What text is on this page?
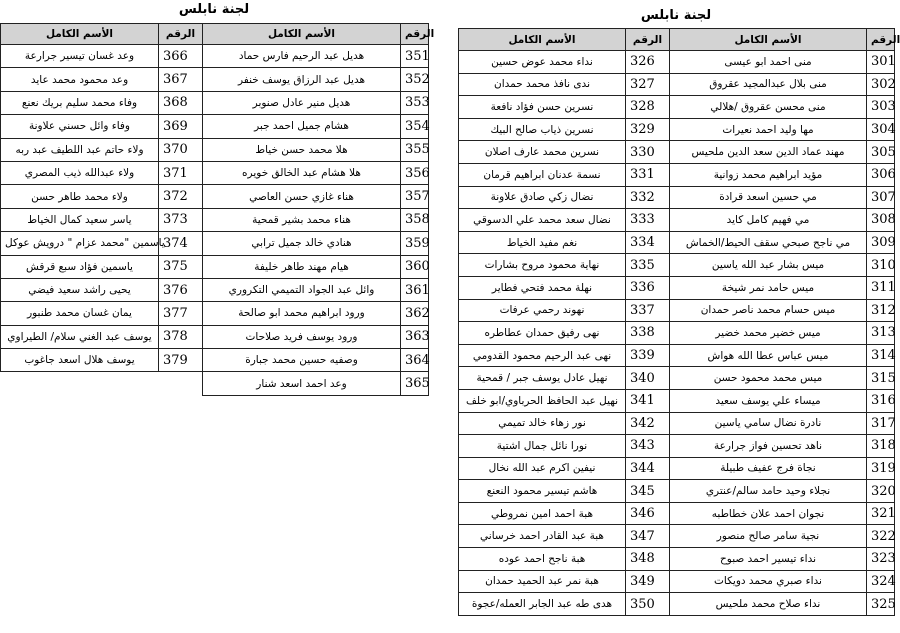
لجنة نابلس
الأسم الكامل	الرقم	الأسم الكامل	الرقم
وعد غسان تيسير جرارعة	366	هديل عبد الرحيم فارس حماد	351
وعد محمود محمد عايد	367	هديل عبد الرزاق يوسف خنفر	352
وفاء محمد سليم بريك نعنع	368	هديل منير عادل صنوبر	353
وفاء وائل حسني علاونة	369	هشام جميل احمد جبر	354
ولاء حاتم عبد اللطيف عبد ربه	370	هلا محمد حسن خياط	355
ولاء عبدالله ذيب المصري	371	هلا هشام عبد الخالق خويره	356
ولاء محمد طاهر حسن	372	هناء غازي حسن العاصي	357
ياسر سعيد كمال الخياط	373	هناء محمد بشير قمحية	358
ياسمين "محمد عزام " درويش عوكل	374	هنادي خالد جميل ترابي	359
ياسمين فؤاد سبع قرقش	375	هيام مهند طاهر خليفة	360
يحيى راشد سعيد فيضي	376	وائل عبد الجواد التميمي التكروري	361
يمان غسان محمد طنبور	377	ورود ابراهيم محمد ابو صالحة	362
يوسف عبد الغني سلام/ الطيراوي	378	ورود يوسف فريد صلاحات	363
يوسف هلال اسعد جاغوب	379	وصفيه حسين محمد جبارة	364
		وعد احمد اسعد شنار	365
لجنة نابلس
الأسم الكامل	الرقم	الأسم الكامل	الرقم
نداء محمد عوض حسين	326	منى احمد ابو عيسى	301
ندى نافذ محمد حمدان	327	منى بلال عبدالمجيد عقروق	302
نسرين حسن فؤاد نافعة	328	منى محسن عقروق /هلالي	303
نسرين ذياب صالح البيك	329	مها وليد احمد نعيرات	304
نسرين محمد عارف اصلان	330	مهند عماد الدين سعد الدين ملحيس	305
نسمة عدنان ابراهيم قرمان	331	مؤيد ابراهيم محمد زوانية	306
نضال زكي صادق علاونة	332	مي حسين اسعد قرادة	307
نضال سعد محمد علي الدسوقي	333	مي فهيم كامل كايد	308
نغم مفيد الخياط	334	مي ناجح صبحي سقف الحيط/الخماش	309
نهاية محمود مروح بشارات	335	ميس بشار عبد الله ياسين	310
نهلة محمد فتحي فطاير	336	ميس حامد نمر شيخة	311
نهوند رحمي عرفات	337	ميس حسام محمد ناصر حمدان	312
نهى رفيق حمدان عطاطره	338	ميس خضير محمد خضير	313
نهى عبد الرحيم محمود القدومي	339	ميس عباس عطا الله هواش	314
نهيل عادل يوسف جبر / قمحية	340	ميس محمد محمود حسن	315
نهيل عبد الحافظ الحرباوي/ابو خلف	341	ميساء علي يوسف سعيد	316
نور زهاء خالد تميمي	342	نادرة نضال سامي ياسين	317
نورا نائل جمال اشتية	343	ناهد تحسين فواز جرارعة	318
نيفين اكرم عبد الله نخال	344	نجاة فرج عفيف طبيلة	319
هاشم تيسير محمود النعنع	345	نجلاء وحيد حامد سالم/عنتري	320
هبة احمد امين نمروطي	346	نجوان احمد علان خطاطبه	321
هبة عبد القادر احمد خرساني	347	نجية سامر صالح منصور	322
هبة ناجح احمد عوده	348	نداء تيسير احمد صبوح	323
هبة نمر عبد الحميد حمدان	349	نداء صبري محمد دويكات	324
هدى طه عبد الجابر العمله/عجوة	350	نداء صلاح محمد ملحيس	325
